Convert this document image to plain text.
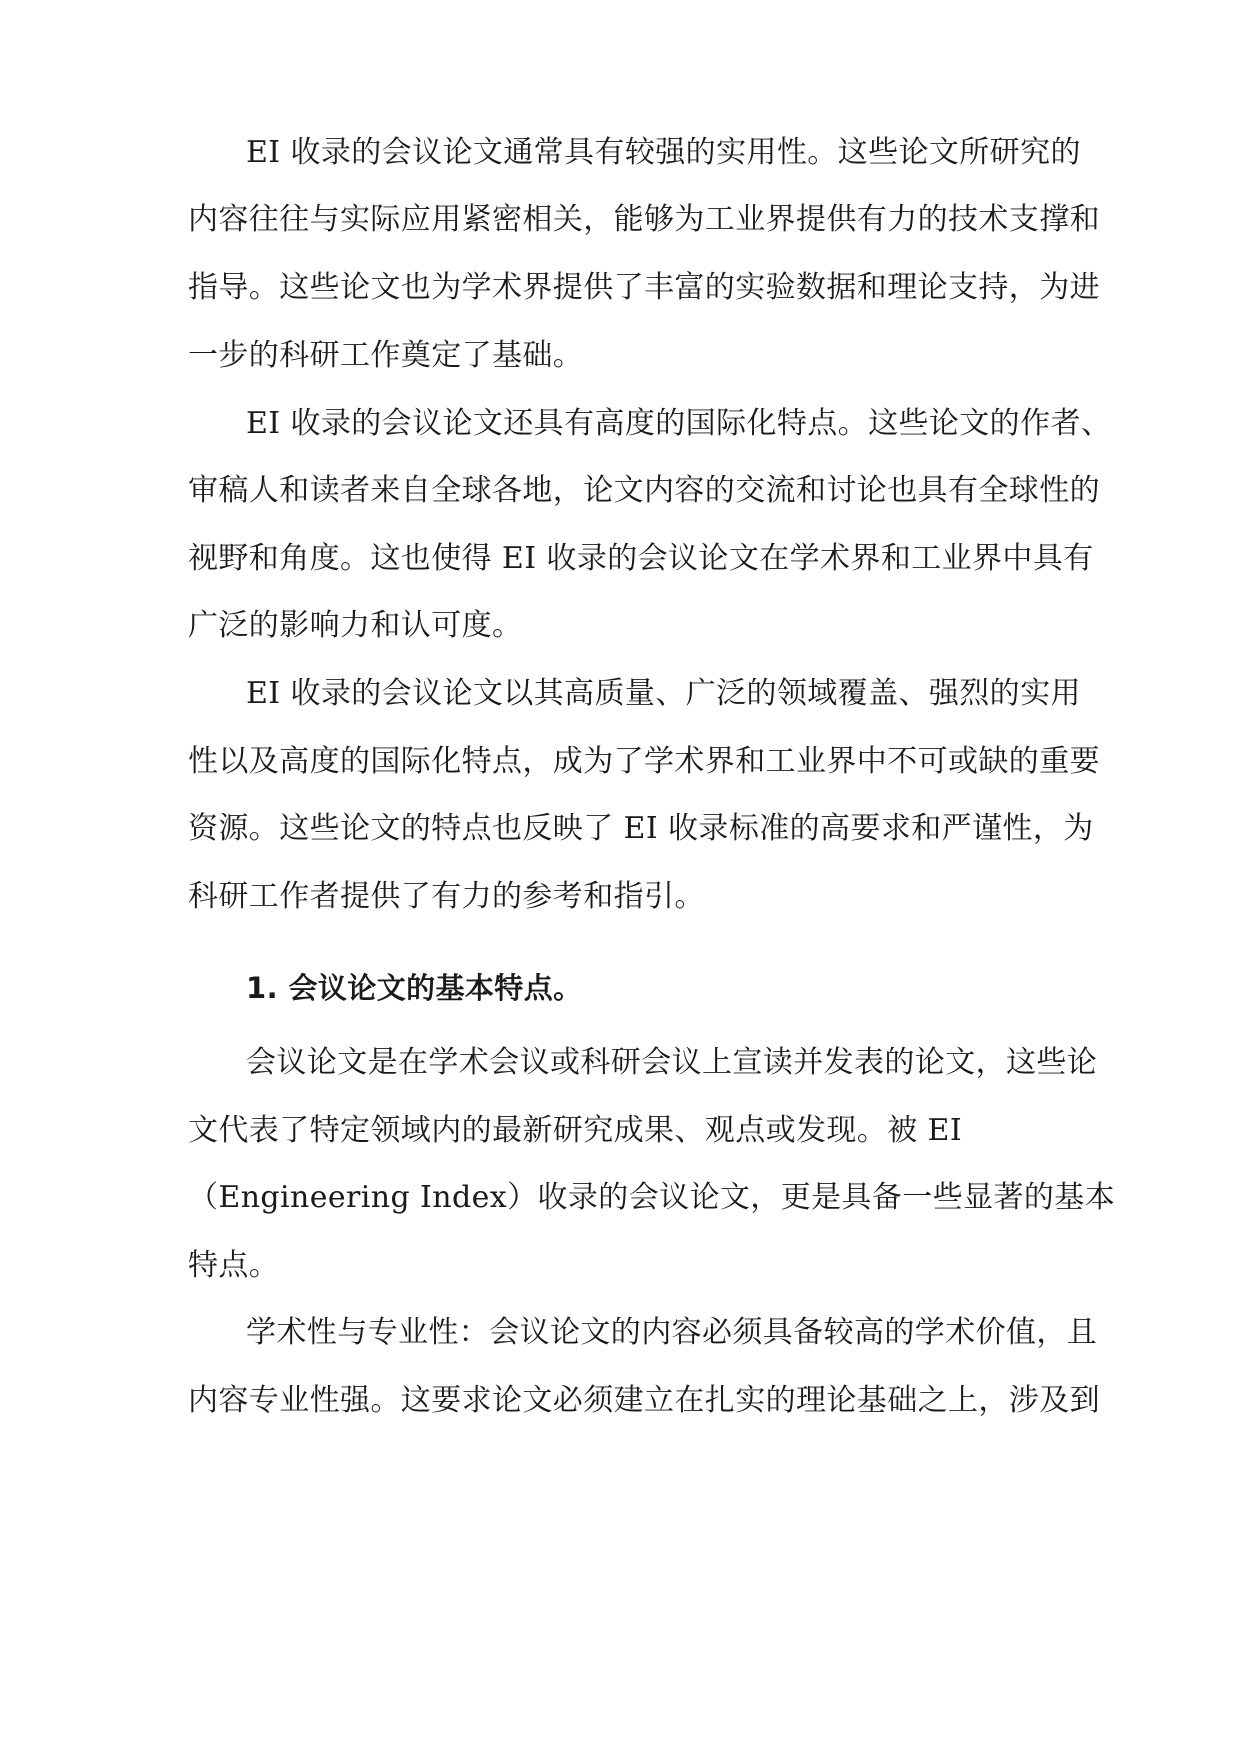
EI 收录的会议论文通常具有较强的实用性。这些论文所研究的
内容往往与实际应用紧密相关，能够为工业界提供有力的技术支撑和
指导。这些论文也为学术界提供了丰富的实验数据和理论支持，为进
一步的科研工作奠定了基础。
EI 收录的会议论文还具有高度的国际化特点。这些论文的作者、
审稿人和读者来自全球各地，论文内容的交流和讨论也具有全球性的
视野和角度。这也使得 EI 收录的会议论文在学术界和工业界中具有
广泛的影响力和认可度。
EI 收录的会议论文以其高质量、广泛的领域覆盖、强烈的实用
性以及高度的国际化特点，成为了学术界和工业界中不可或缺的重要
资源。这些论文的特点也反映了 EI 收录标准的高要求和严谨性，为
科研工作者提供了有力的参考和指引。
1. 会议论文的基本特点。
会议论文是在学术会议或科研会议上宣读并发表的论文，这些论
文代表了特定领域内的最新研究成果、观点或发现。被 EI
（Engineering Index）收录的会议论文，更是具备一些显著的基本
特点。
学术性与专业性：会议论文的内容必须具备较高的学术价值，且
内容专业性强。这要求论文必须建立在扎实的理论基础之上，涉及到
